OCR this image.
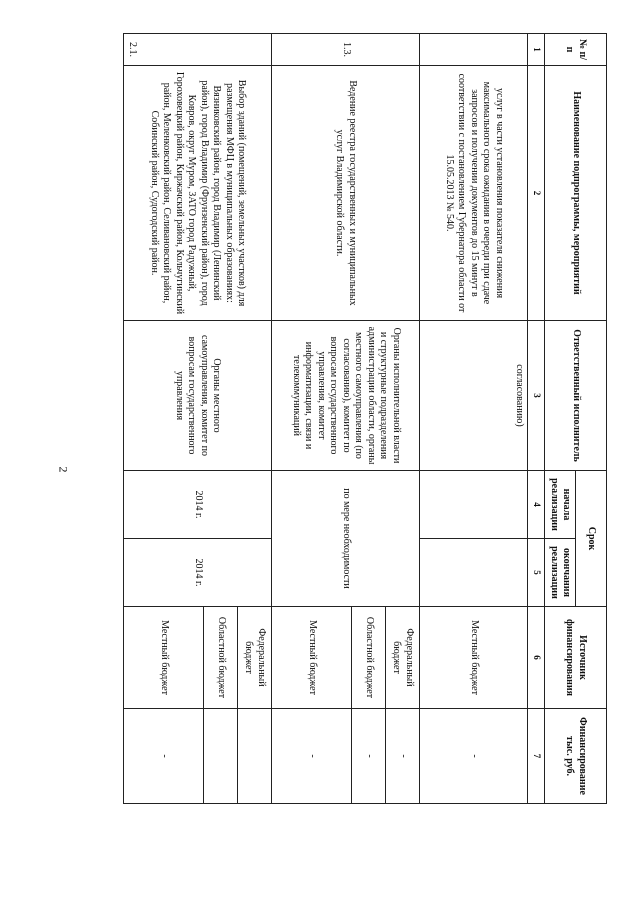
2
№ п/п	Наименование подпрограммы, мероприятий	Ответственный исполнитель	Срок		Источник финансирования	Финансирование тыс. руб.
			начала реализации	окончания реализации		
1	2	3	4	5	6	7
	услуг в части установления показателя снижения максимального срока ожидания в очереди при сдаче запросов и получении документов до 15 минут в соответствии с постановлением Губернатора области от 15.05.2013 № 540.	согласованию)			Местный бюджет	-
1.3.	Ведение реестра государственных и муниципальных услуг Владимирской области.	Органы исполнительной власти и структурные подразделения администрации области, органы местного самоуправления (по согласованию), комитет по вопросам государственного управления, комитет информатизации, связи и телекоммуникаций	по мере необходимости		Федеральный бюджет	-
					Областной бюджет	-
					Местный бюджет	-
2.1.	Выбор зданий (помещений, земельных участков) для размещения МФЦ в муниципальных образованиях: Вязниковский район, город Владимир (Ленинский район), город Владимир (Фрунзенский район), город Ковров, округ Муром, ЗАТО город Радужный, Гороховецкий район, Киржачский район, Кольчугинский район, Меленковский район, Селивановский район, Собинский район, Судогодский район.	Органы местного самоуправления, комитет по вопросам государственного управления	2014 г.	2014 г.	Федеральный бюджет	
					Областной бюджет	
					Местный бюджет	-
